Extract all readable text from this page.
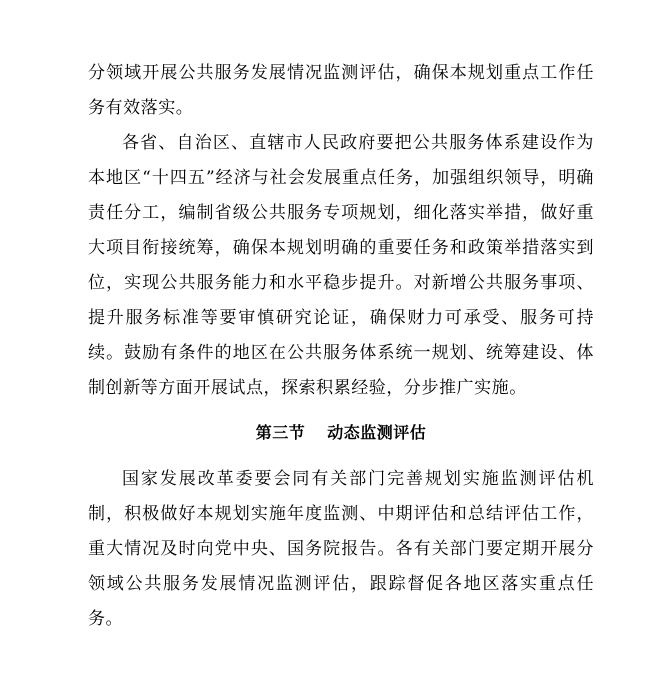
分领域开展公共服务发展情况监测评估，确保本规划重点工作任务有效落实。

各省、自治区、直辖市人民政府要把公共服务体系建设作为本地区“十四五”经济与社会发展重点任务，加强组织领导，明确责任分工，编制省级公共服务专项规划，细化落实举措，做好重大项目衔接统筹，确保本规划明确的重要任务和政策举措落实到位，实现公共服务能力和水平稳步提升。对新增公共服务事项、提升服务标准等要审慎研究论证，确保财力可承受、服务可持续。鼓励有条件的地区在公共服务体系统一规划、统筹建设、体制创新等方面开展试点，探索积累经验，分步推广实施。

第三节 动态监测评估

国家发展改革委要会同有关部门完善规划实施监测评估机制，积极做好本规划实施年度监测、中期评估和总结评估工作，重大情况及时向党中央、国务院报告。各有关部门要定期开展分领域公共服务发展情况监测评估，跟踪督促各地区落实重点任务。
